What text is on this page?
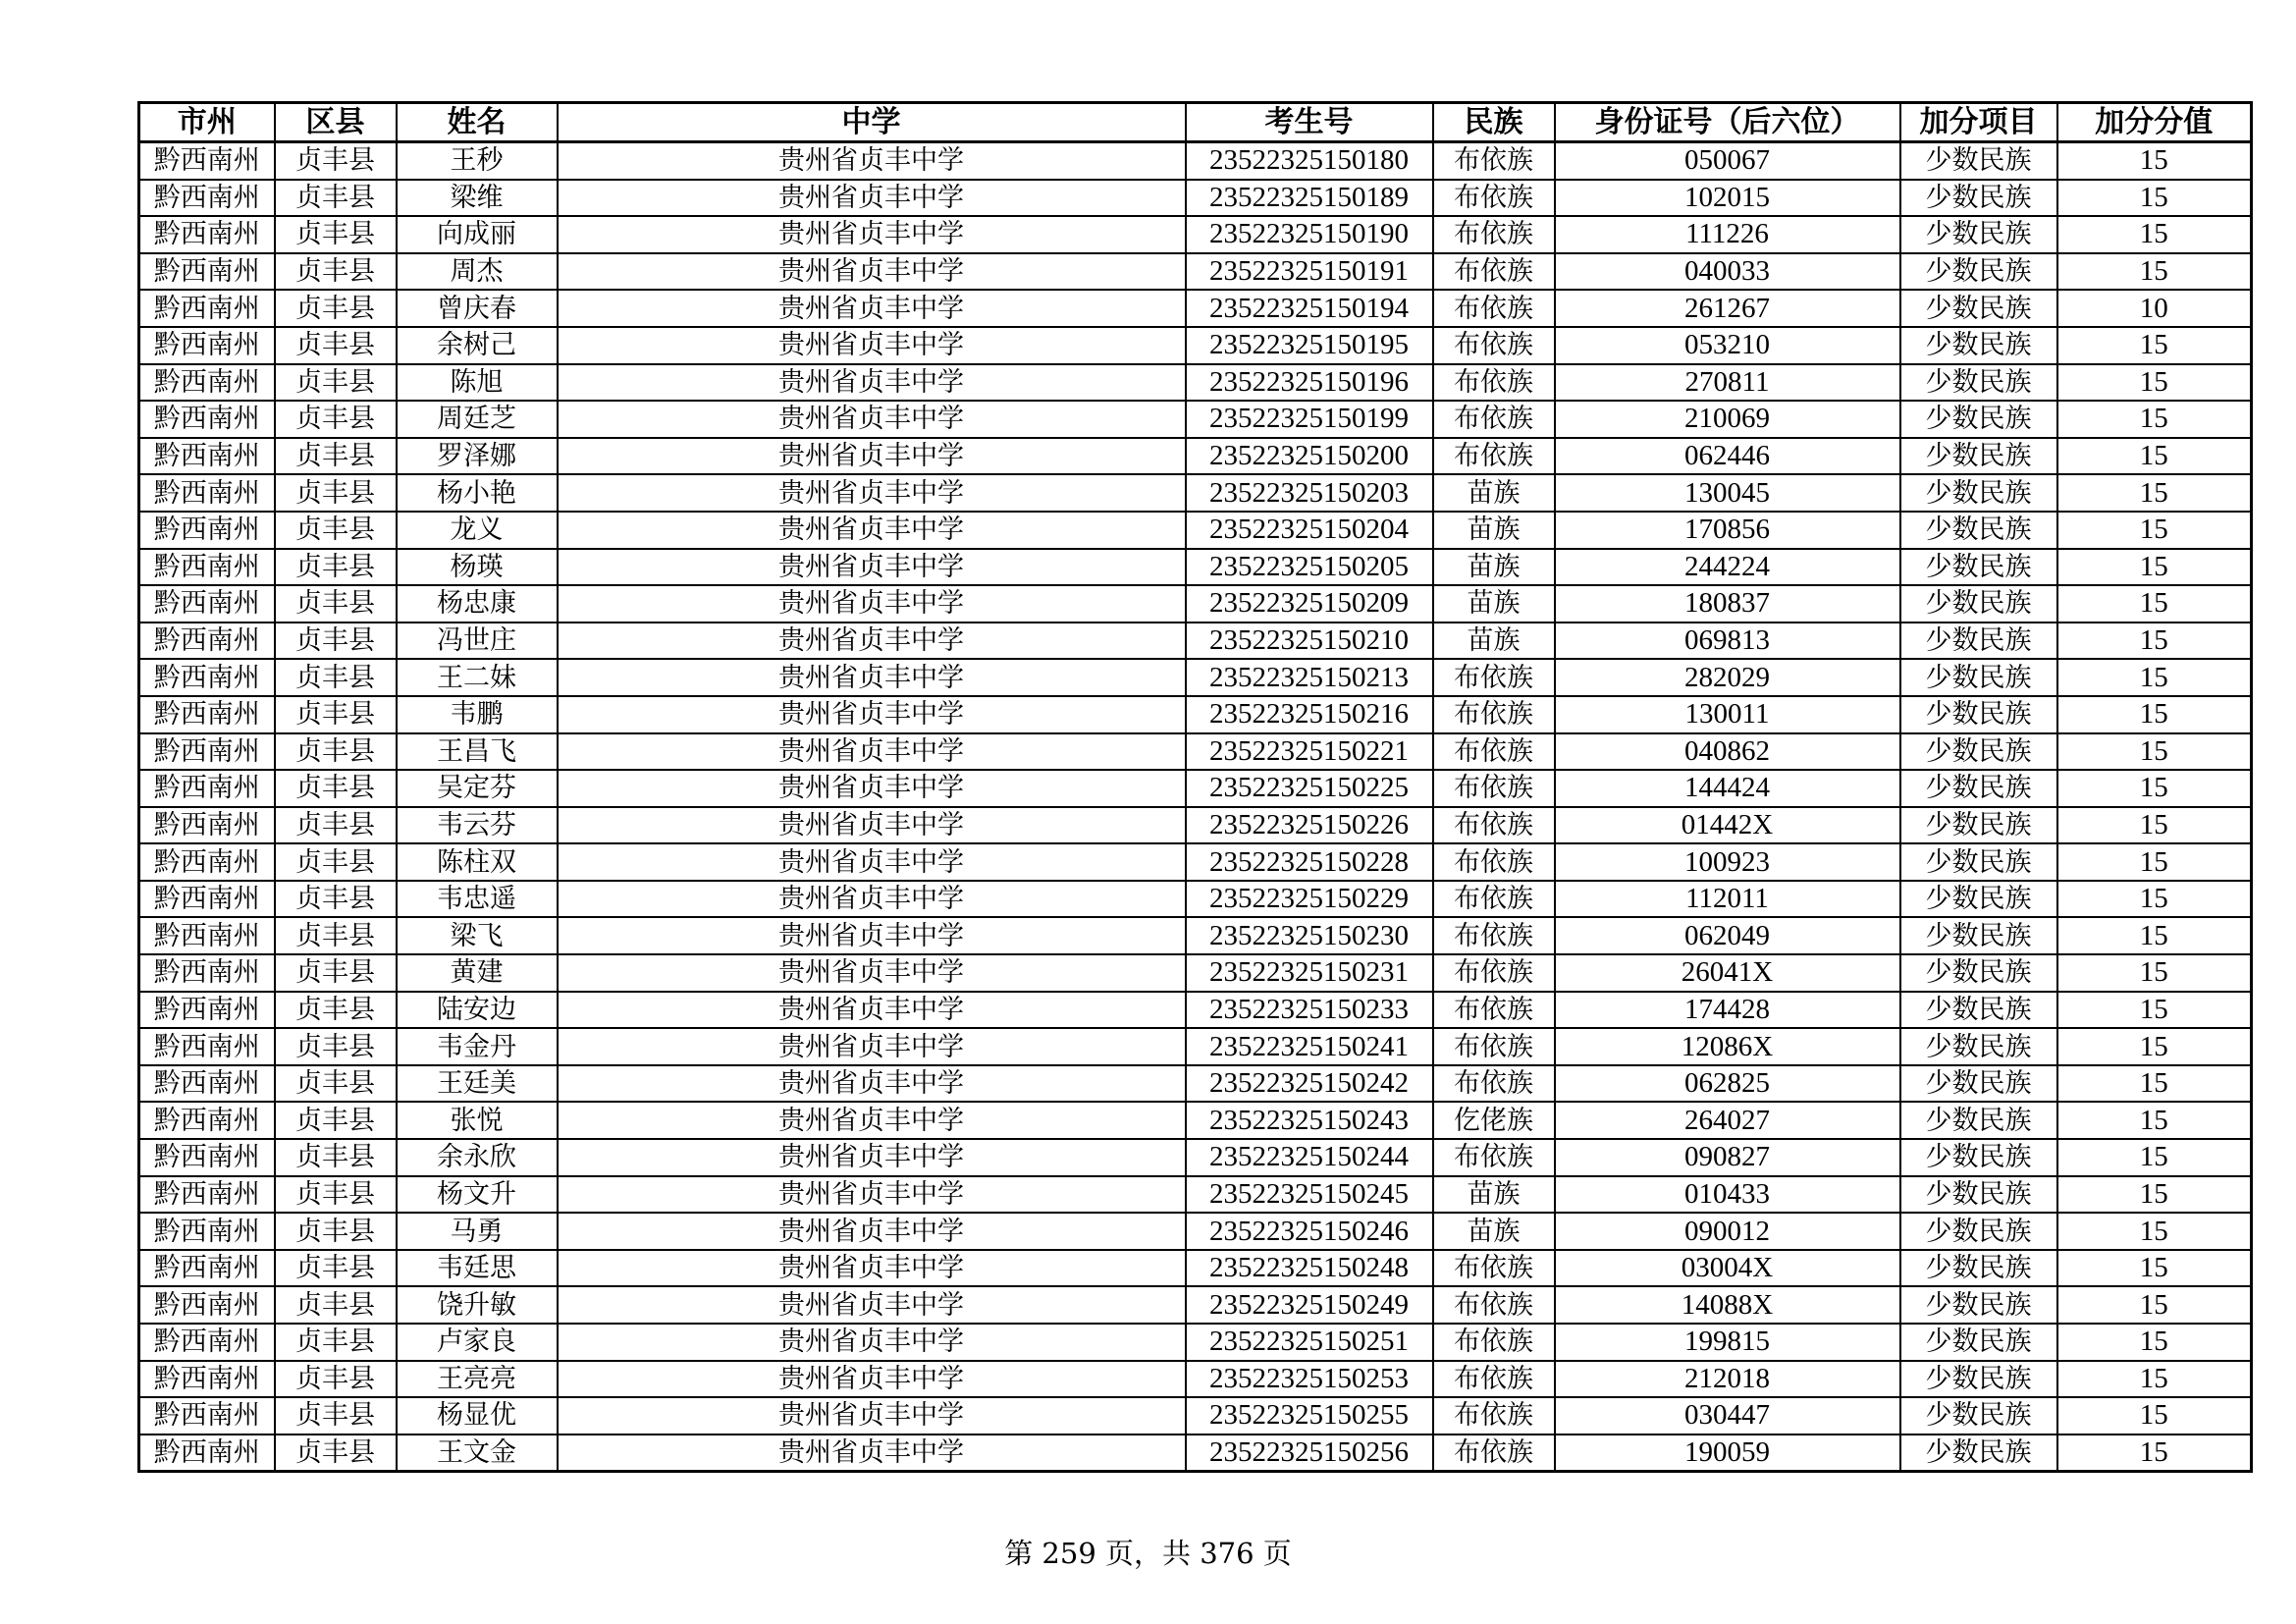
市州	区县	姓名	中学	考生号	民族	身份证号（后六位）	加分项目	加分分值
黔西南州	贞丰县	王秒	贵州省贞丰中学	23522325150180	布依族	050067	少数民族	15
黔西南州	贞丰县	梁维	贵州省贞丰中学	23522325150189	布依族	102015	少数民族	15
黔西南州	贞丰县	向成丽	贵州省贞丰中学	23522325150190	布依族	111226	少数民族	15
黔西南州	贞丰县	周杰	贵州省贞丰中学	23522325150191	布依族	040033	少数民族	15
黔西南州	贞丰县	曾庆春	贵州省贞丰中学	23522325150194	布依族	261267	少数民族	10
黔西南州	贞丰县	余树己	贵州省贞丰中学	23522325150195	布依族	053210	少数民族	15
黔西南州	贞丰县	陈旭	贵州省贞丰中学	23522325150196	布依族	270811	少数民族	15
黔西南州	贞丰县	周廷芝	贵州省贞丰中学	23522325150199	布依族	210069	少数民族	15
黔西南州	贞丰县	罗泽娜	贵州省贞丰中学	23522325150200	布依族	062446	少数民族	15
黔西南州	贞丰县	杨小艳	贵州省贞丰中学	23522325150203	苗族	130045	少数民族	15
黔西南州	贞丰县	龙义	贵州省贞丰中学	23522325150204	苗族	170856	少数民族	15
黔西南州	贞丰县	杨瑛	贵州省贞丰中学	23522325150205	苗族	244224	少数民族	15
黔西南州	贞丰县	杨忠康	贵州省贞丰中学	23522325150209	苗族	180837	少数民族	15
黔西南州	贞丰县	冯世庄	贵州省贞丰中学	23522325150210	苗族	069813	少数民族	15
黔西南州	贞丰县	王二妹	贵州省贞丰中学	23522325150213	布依族	282029	少数民族	15
黔西南州	贞丰县	韦鹏	贵州省贞丰中学	23522325150216	布依族	130011	少数民族	15
黔西南州	贞丰县	王昌飞	贵州省贞丰中学	23522325150221	布依族	040862	少数民族	15
黔西南州	贞丰县	吴定芬	贵州省贞丰中学	23522325150225	布依族	144424	少数民族	15
黔西南州	贞丰县	韦云芬	贵州省贞丰中学	23522325150226	布依族	01442X	少数民族	15
黔西南州	贞丰县	陈柱双	贵州省贞丰中学	23522325150228	布依族	100923	少数民族	15
黔西南州	贞丰县	韦忠遥	贵州省贞丰中学	23522325150229	布依族	112011	少数民族	15
黔西南州	贞丰县	梁飞	贵州省贞丰中学	23522325150230	布依族	062049	少数民族	15
黔西南州	贞丰县	黄建	贵州省贞丰中学	23522325150231	布依族	26041X	少数民族	15
黔西南州	贞丰县	陆安边	贵州省贞丰中学	23522325150233	布依族	174428	少数民族	15
黔西南州	贞丰县	韦金丹	贵州省贞丰中学	23522325150241	布依族	12086X	少数民族	15
黔西南州	贞丰县	王廷美	贵州省贞丰中学	23522325150242	布依族	062825	少数民族	15
黔西南州	贞丰县	张悦	贵州省贞丰中学	23522325150243	仡佬族	264027	少数民族	15
黔西南州	贞丰县	余永欣	贵州省贞丰中学	23522325150244	布依族	090827	少数民族	15
黔西南州	贞丰县	杨文升	贵州省贞丰中学	23522325150245	苗族	010433	少数民族	15
黔西南州	贞丰县	马勇	贵州省贞丰中学	23522325150246	苗族	090012	少数民族	15
黔西南州	贞丰县	韦廷思	贵州省贞丰中学	23522325150248	布依族	03004X	少数民族	15
黔西南州	贞丰县	饶升敏	贵州省贞丰中学	23522325150249	布依族	14088X	少数民族	15
黔西南州	贞丰县	卢家良	贵州省贞丰中学	23522325150251	布依族	199815	少数民族	15
黔西南州	贞丰县	王亮亮	贵州省贞丰中学	23522325150253	布依族	212018	少数民族	15
黔西南州	贞丰县	杨显优	贵州省贞丰中学	23522325150255	布依族	030447	少数民族	15
黔西南州	贞丰县	王文金	贵州省贞丰中学	23522325150256	布依族	190059	少数民族	15
第 259 页，共 376 页
